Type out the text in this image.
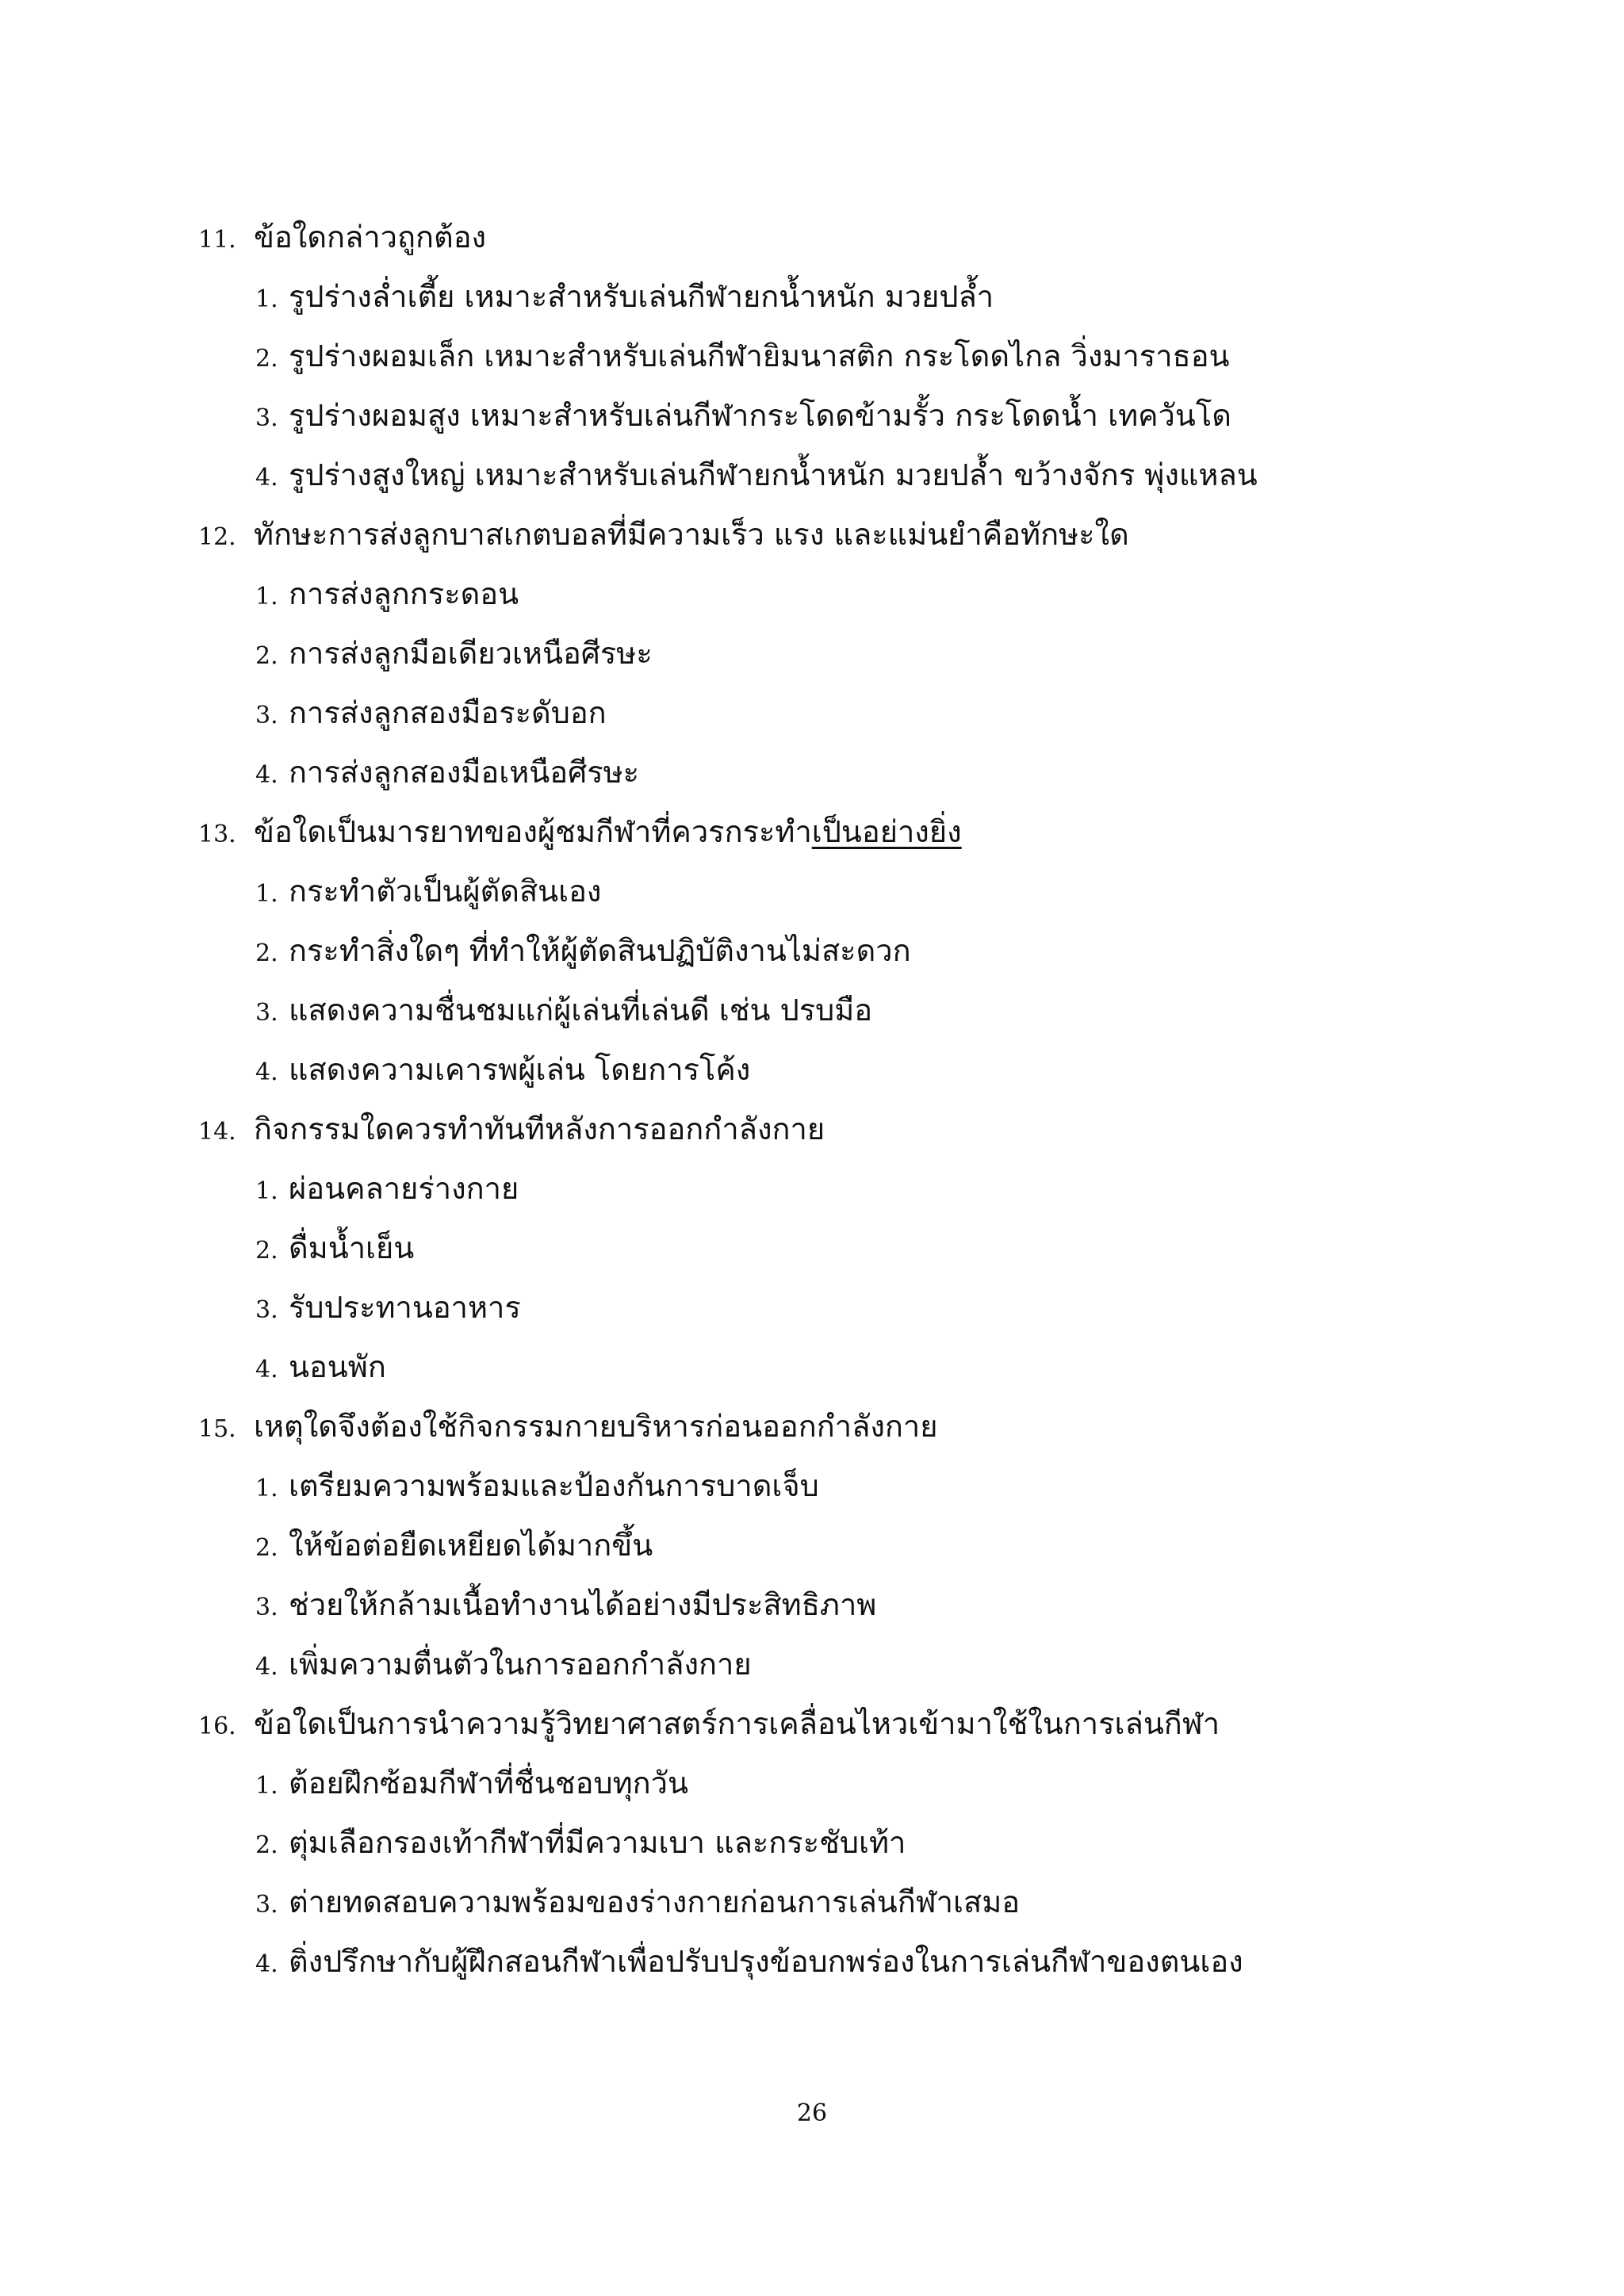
11. ข้อใดกล่าวถูกต้อง
1. รูปร่างล่ำเตี้ย เหมาะสำหรับเล่นกีฬายกน้ำหนัก มวยปล้ำ
2. รูปร่างผอมเล็ก เหมาะสำหรับเล่นกีฬายิมนาสติก กระโดดไกล วิ่งมาราธอน
3. รูปร่างผอมสูง เหมาะสำหรับเล่นกีฬากระโดดข้ามรั้ว กระโดดน้ำ เทควันโด
4. รูปร่างสูงใหญ่ เหมาะสำหรับเล่นกีฬายกน้ำหนัก มวยปล้ำ ขว้างจักร พุ่งแหลน
12. ทักษะการส่งลูกบาสเกตบอลที่มีความเร็ว แรง และแม่นยำคือทักษะใด
1. การส่งลูกกระดอน
2. การส่งลูกมือเดียวเหนือศีรษะ
3. การส่งลูกสองมือระดับอก
4. การส่งลูกสองมือเหนือศีรษะ
13. ข้อใดเป็นมารยาทของผู้ชมกีฬาที่ควรกระทำเป็นอย่างยิ่ง
1. กระทำตัวเป็นผู้ตัดสินเอง
2. กระทำสิ่งใดๆ ที่ทำให้ผู้ตัดสินปฏิบัติงานไม่สะดวก
3. แสดงความชื่นชมแก่ผู้เล่นที่เล่นดี เช่น ปรบมือ
4. แสดงความเคารพผู้เล่น โดยการโค้ง
14. กิจกรรมใดควรทำทันทีหลังการออกกำลังกาย
1. ผ่อนคลายร่างกาย
2. ดื่มน้ำเย็น
3. รับประทานอาหาร
4. นอนพัก
15. เหตุใดจึงต้องใช้กิจกรรมกายบริหารก่อนออกกำลังกาย
1. เตรียมความพร้อมและป้องกันการบาดเจ็บ
2. ให้ข้อต่อยืดเหยียดได้มากขึ้น
3. ช่วยให้กล้ามเนื้อทำงานได้อย่างมีประสิทธิภาพ
4. เพิ่มความตื่นตัวในการออกกำลังกาย
16. ข้อใดเป็นการนำความรู้วิทยาศาสตร์การเคลื่อนไหวเข้ามาใช้ในการเล่นกีฬา
1. ต้อยฝึกซ้อมกีฬาที่ชื่นชอบทุกวัน
2. ตุ่มเลือกรองเท้ากีฬาที่มีความเบา และกระชับเท้า
3. ต่ายทดสอบความพร้อมของร่างกายก่อนการเล่นกีฬาเสมอ
4. ติ่งปรึกษากับผู้ฝึกสอนกีฬาเพื่อปรับปรุงข้อบกพร่องในการเล่นกีฬาของตนเอง
26
